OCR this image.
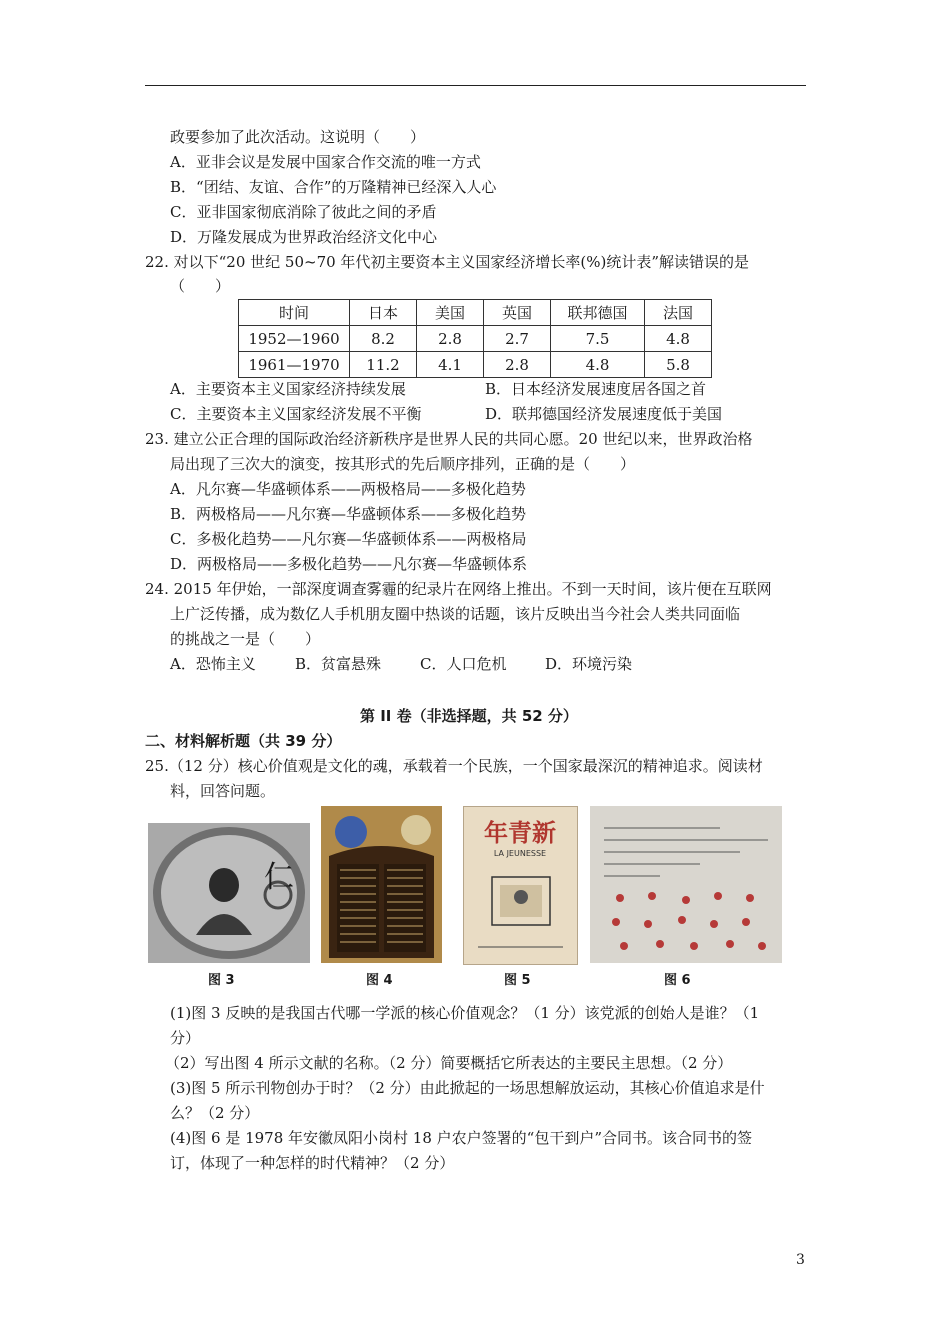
政要参加了此次活动。这说明（　　）
A．亚非会议是发展中国家合作交流的唯一方式
B．“团结、友谊、合作”的万隆精神已经深入人心
C．亚非国家彻底消除了彼此之间的矛盾
D．万隆发展成为世界政治经济文化中心
22. 对以下“20 世纪 50~70 年代初主要资本主义国家经济增长率(%)统计表”解读错误的是
（　　）
时间	日本	美国	英国	联邦德国	法国
1952—1960	8.2	2.8	2.7	7.5	4.8
1961—1970	11.2	4.1	2.8	4.8	5.8
A．主要资本主义国家经济持续发展	B．日本经济发展速度居各国之首
C．主要资本主义国家经济发展不平衡	D．联邦德国经济发展速度低于美国
23. 建立公正合理的国际政治经济新秩序是世界人民的共同心愿。20 世纪以来，世界政治格
局出现了三次大的演变，按其形式的先后顺序排列，正确的是（　　）
A．凡尔赛—华盛顿体系——两极格局——多极化趋势
B．两极格局——凡尔赛—华盛顿体系——多极化趋势
C．多极化趋势——凡尔赛—华盛顿体系——两极格局
D．两极格局——多极化趋势——凡尔赛—华盛顿体系
24. 2015 年伊始，一部深度调查雾霾的纪录片在网络上推出。不到一天时间，该片便在互联网
上广泛传播，成为数亿人手机朋友圈中热谈的话题，该片反映出当今社会人类共同面临
的挑战之一是（　　）
A．恐怖主义	B．贫富悬殊	C．人口危机	D．环境污染
第 II 卷（非选择题，共 52 分）
二、材料解析题（共 39 分）
25.（12 分）核心价值观是文化的魂，承载着一个民族，一个国家最深沉的精神追求。阅读材
料，回答问题。
仁
图 3	图 4
年青新
LA JEUNESSE
图 5	图 6
(1)图 3 反映的是我国古代哪一学派的核心价值观念？（1 分）该党派的创始人是谁？（1
分）
（2）写出图 4 所示文献的名称。（2 分）简要概括它所表达的主要民主思想。（2 分）
(3)图 5 所示刊物创办于时？（2 分）由此掀起的一场思想解放运动，其核心价值追求是什
么？（2 分）
(4)图 6 是 1978 年安徽凤阳小岗村 18 户农户签署的“包干到户”合同书。该合同书的签
订，体现了一种怎样的时代精神？（2 分）
3
